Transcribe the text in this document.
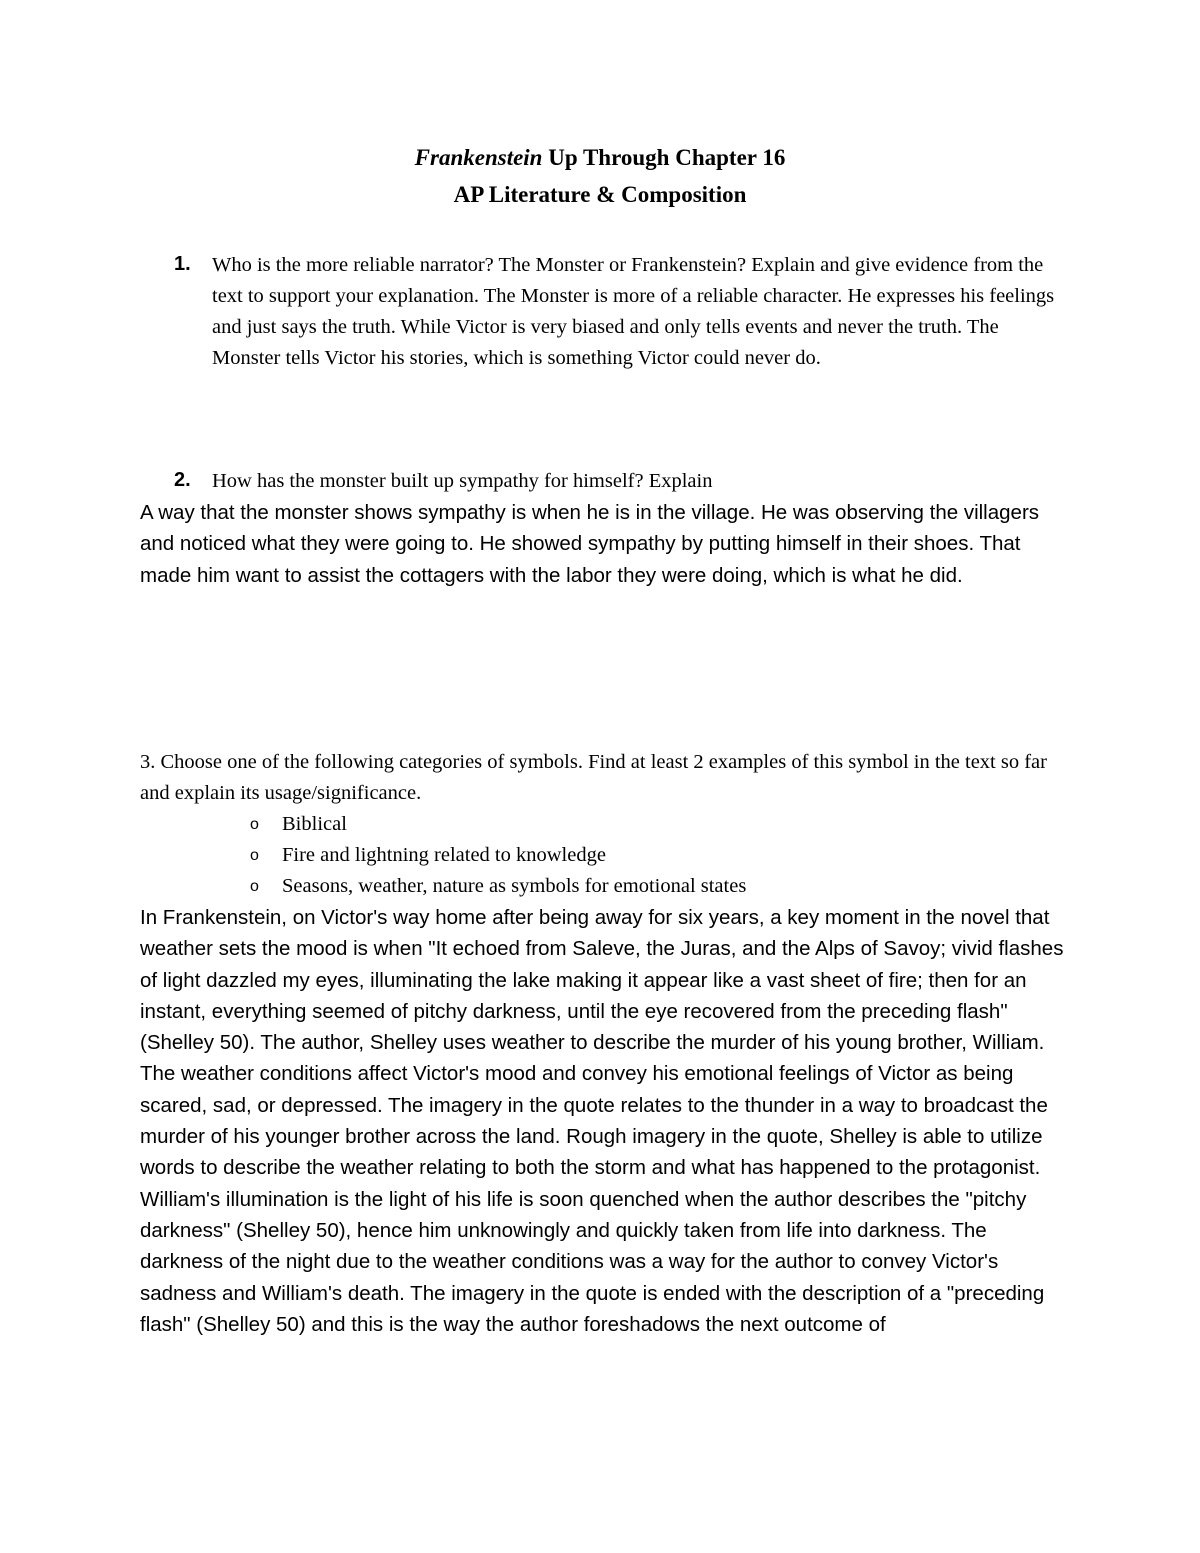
Frankenstein Up Through Chapter 16
AP Literature & Composition
1. Who is the more reliable narrator? The Monster or Frankenstein? Explain and give evidence from the text to support your explanation. The Monster is more of a reliable character. He expresses his feelings and just says the truth. While Victor is very biased and only tells events and never the truth. The Monster tells Victor his stories, which is something Victor could never do.
2. How has the monster built up sympathy for himself? Explain
A way that the monster shows sympathy is when he is in the village. He was observing the villagers and noticed what they were going to. He showed sympathy by putting himself in their shoes. That made him want to assist the cottagers with the labor they were doing, which is what he did.
3. Choose one of the following categories of symbols. Find at least 2 examples of this symbol in the text so far and explain its usage/significance.
o Biblical
o Fire and lightning related to knowledge
o Seasons, weather, nature as symbols for emotional states
In Frankenstein, on Victor's way home after being away for six years, a key moment in the novel that weather sets the mood is when "It echoed from Saleve, the Juras, and the Alps of Savoy; vivid flashes of light dazzled my eyes, illuminating the lake making it appear like a vast sheet of fire; then for an instant, everything seemed of pitchy darkness, until the eye recovered from the preceding flash" (Shelley 50). The author, Shelley uses weather to describe the murder of his young brother, William. The weather conditions affect Victor's mood and convey his emotional feelings of Victor as being scared, sad, or depressed. The imagery in the quote relates to the thunder in a way to broadcast the murder of his younger brother across the land. Rough imagery in the quote, Shelley is able to utilize words to describe the weather relating to both the storm and what has happened to the protagonist. William's illumination is the light of his life is soon quenched when the author describes the "pitchy darkness" (Shelley 50), hence him unknowingly and quickly taken from life into darkness. The darkness of the night due to the weather conditions was a way for the author to convey Victor's sadness and William's death. The imagery in the quote is ended with the description of a "preceding flash" (Shelley 50) and this is the way the author foreshadows the next outcome of
